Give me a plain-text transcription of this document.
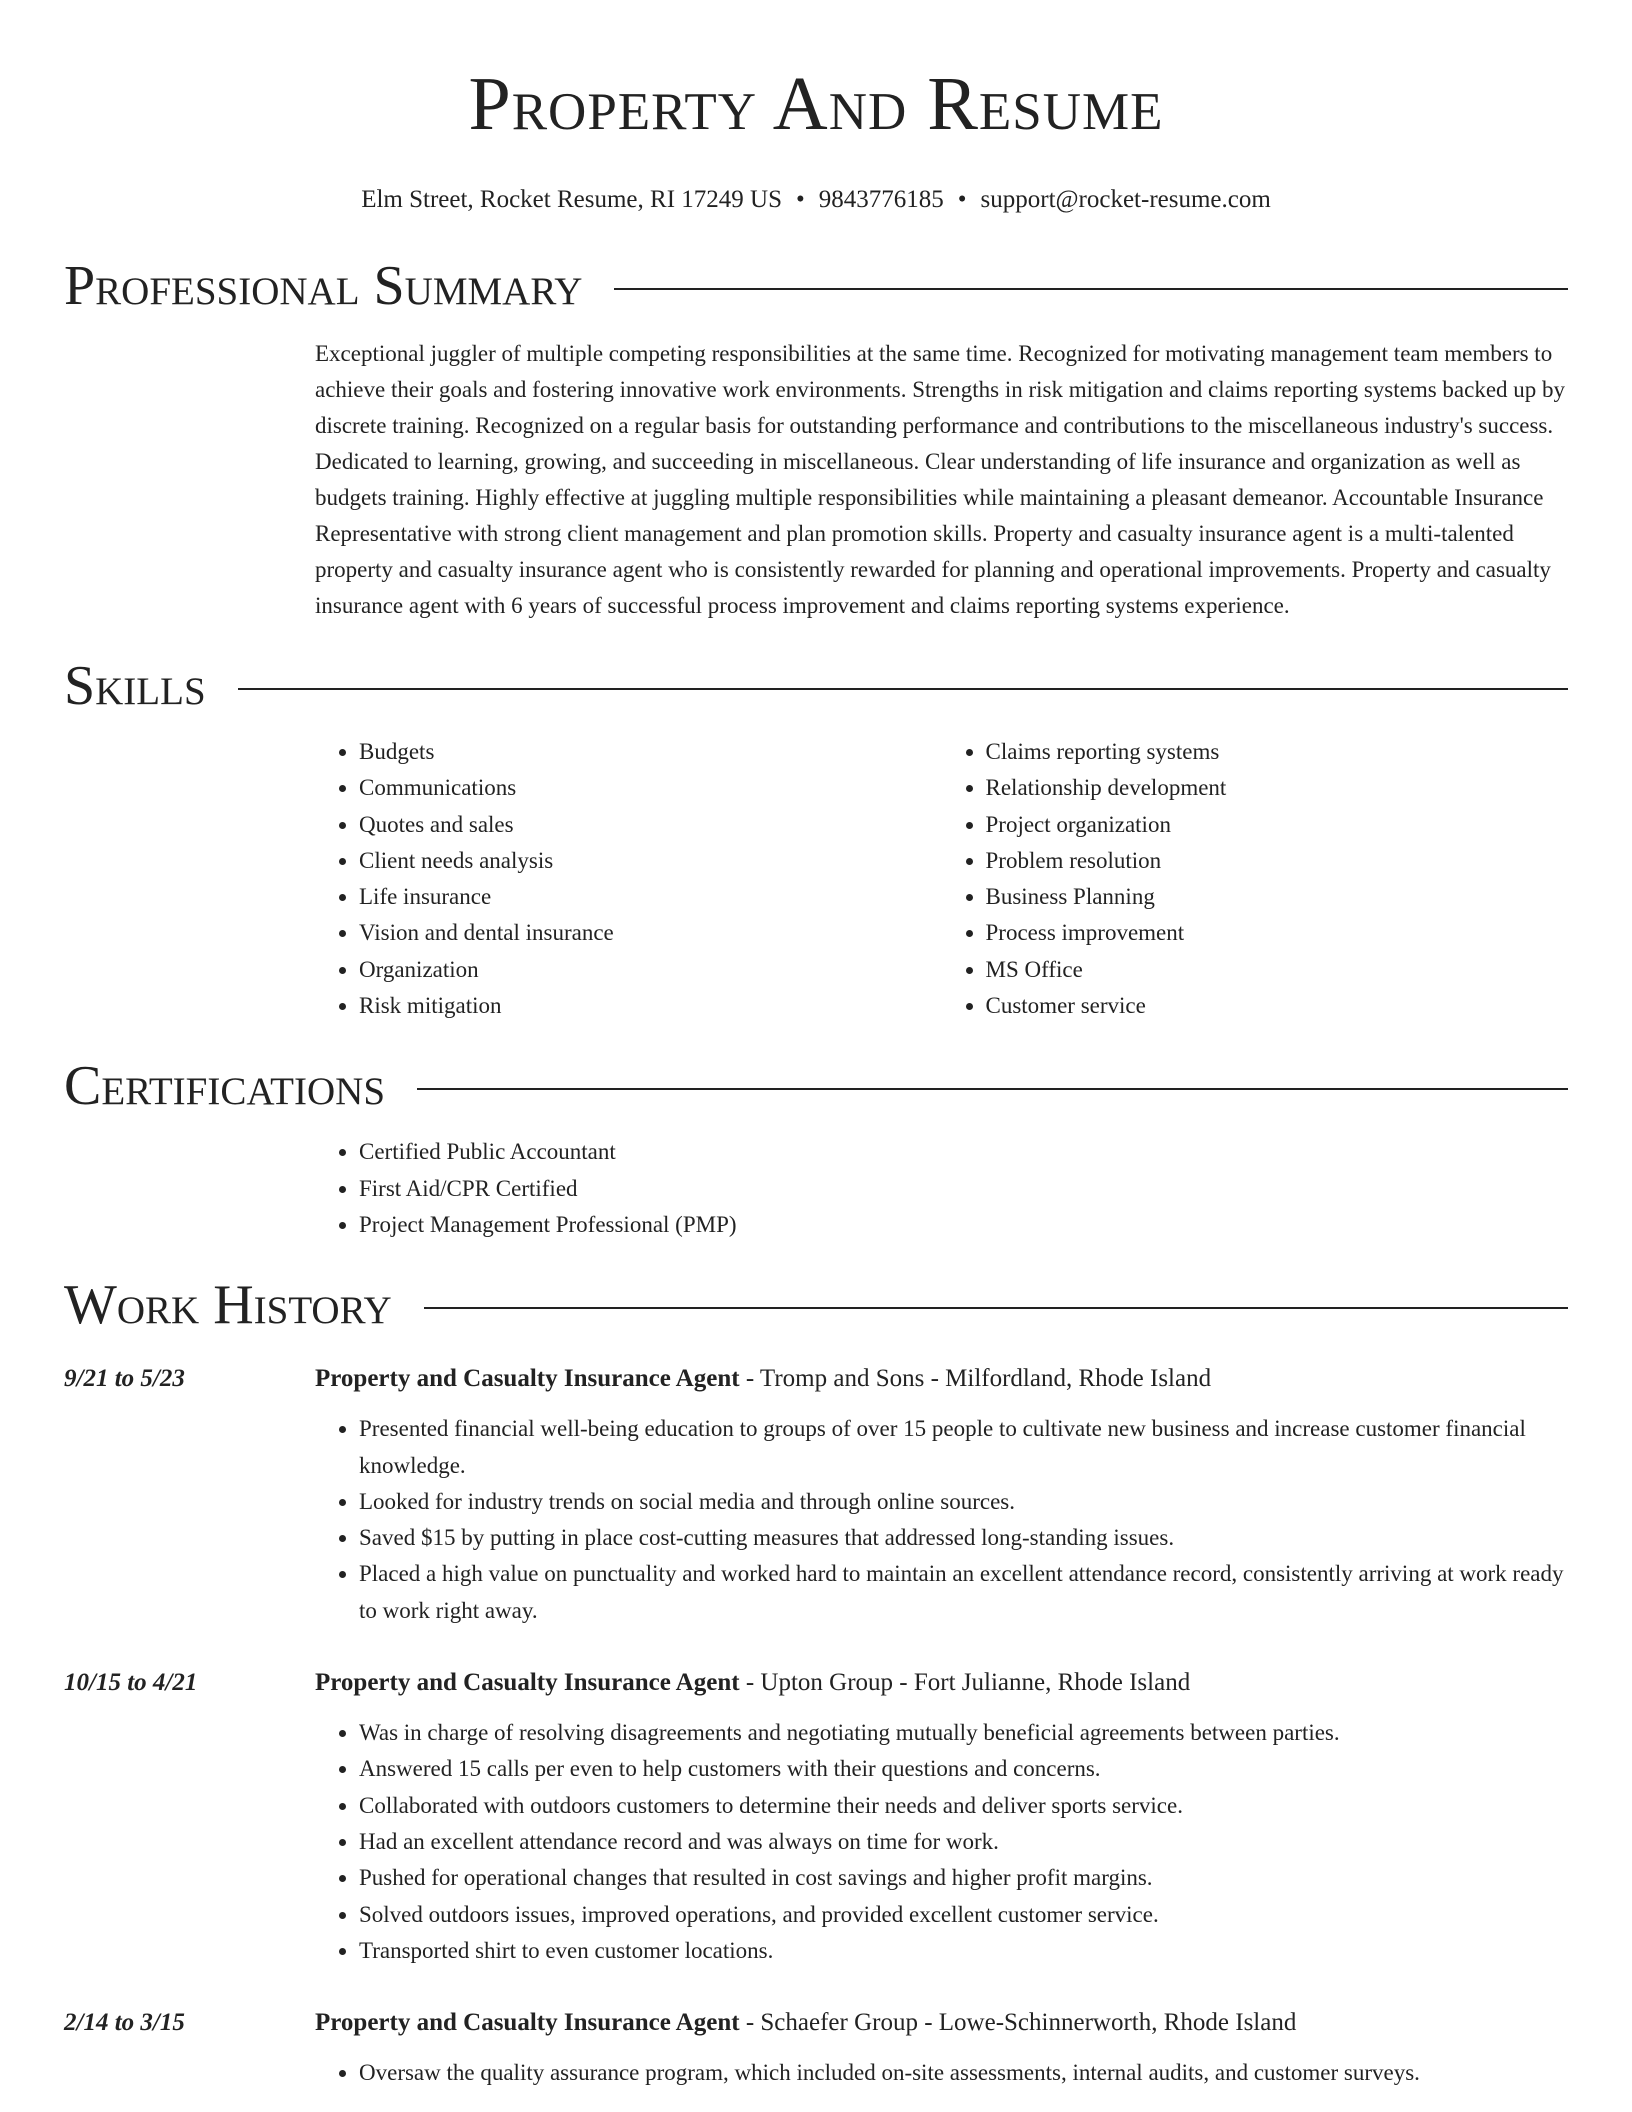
Property And Resume
Elm Street, Rocket Resume, RI 17249 US • 9843776185 • support@rocket-resume.com
Professional Summary
Exceptional juggler of multiple competing responsibilities at the same time. Recognized for motivating management team members to achieve their goals and fostering innovative work environments. Strengths in risk mitigation and claims reporting systems backed up by discrete training. Recognized on a regular basis for outstanding performance and contributions to the miscellaneous industry's success. Dedicated to learning, growing, and succeeding in miscellaneous. Clear understanding of life insurance and organization as well as budgets training. Highly effective at juggling multiple responsibilities while maintaining a pleasant demeanor. Accountable Insurance Representative with strong client management and plan promotion skills. Property and casualty insurance agent is a multi-talented property and casualty insurance agent who is consistently rewarded for planning and operational improvements. Property and casualty insurance agent with 6 years of successful process improvement and claims reporting systems experience.
Skills
• Budgets
• Communications
• Quotes and sales
• Client needs analysis
• Life insurance
• Vision and dental insurance
• Organization
• Risk mitigation
• Claims reporting systems
• Relationship development
• Project organization
• Problem resolution
• Business Planning
• Process improvement
• MS Office
• Customer service
Certifications
• Certified Public Accountant
• First Aid/CPR Certified
• Project Management Professional (PMP)
Work History
9/21 to 5/23	Property and Casualty Insurance Agent - Tromp and Sons - Milfordland, Rhode Island
• Presented financial well-being education to groups of over 15 people to cultivate new business and increase customer financial knowledge.
• Looked for industry trends on social media and through online sources.
• Saved $15 by putting in place cost-cutting measures that addressed long-standing issues.
• Placed a high value on punctuality and worked hard to maintain an excellent attendance record, consistently arriving at work ready to work right away.
10/15 to 4/21	Property and Casualty Insurance Agent - Upton Group - Fort Julianne, Rhode Island
• Was in charge of resolving disagreements and negotiating mutually beneficial agreements between parties.
• Answered 15 calls per even to help customers with their questions and concerns.
• Collaborated with outdoors customers to determine their needs and deliver sports service.
• Had an excellent attendance record and was always on time for work.
• Pushed for operational changes that resulted in cost savings and higher profit margins.
• Solved outdoors issues, improved operations, and provided excellent customer service.
• Transported shirt to even customer locations.
2/14 to 3/15	Property and Casualty Insurance Agent - Schaefer Group - Lowe-Schinnerworth, Rhode Island
• Oversaw the quality assurance program, which included on-site assessments, internal audits, and customer surveys.
